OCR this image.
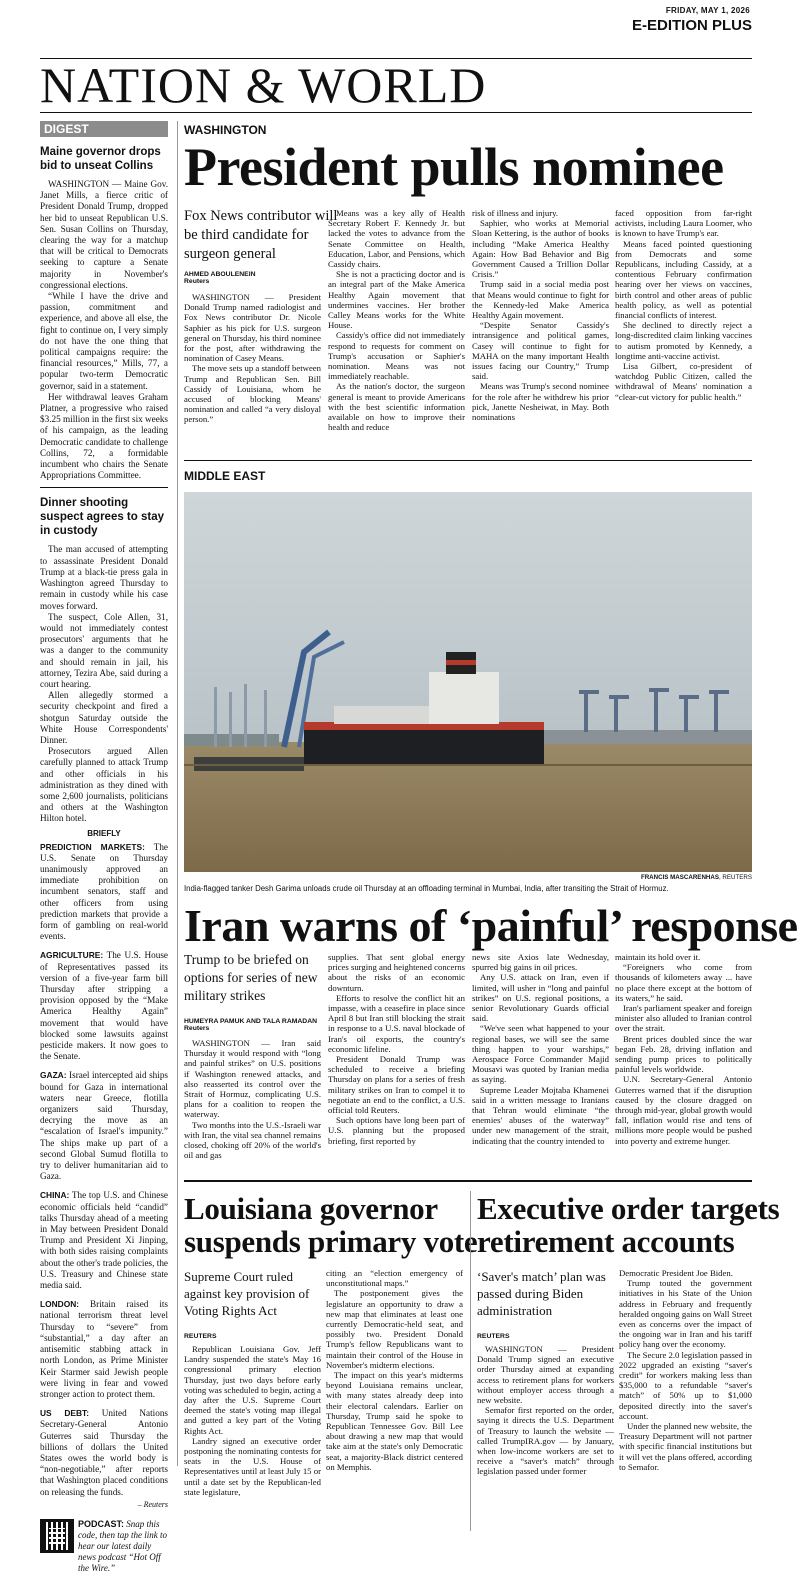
FRIDAY, MAY 1, 2026
E-EDITION PLUS
NATION & WORLD
DIGEST
Maine governor drops bid to unseat Collins

WASHINGTON — Maine Gov. Janet Mills, a fierce critic of President Donald Trump, dropped her bid to unseat Republican U.S. Sen. Susan Collins on Thursday, clearing the way for a matchup that will be critical to Democrats seeking to capture a Senate majority in November's congressional elections.

“While I have the drive and passion, commitment and experience, and above all else, the fight to continue on, I very simply do not have the one thing that political campaigns require: the financial resources,” Mills, 77, a popular two-term Democratic governor, said in a statement.

Her withdrawal leaves Graham Platner, a progressive who raised $3.25 million in the first six weeks of his campaign, as the leading Democratic candidate to challenge Collins, 72, a formidable incumbent who chairs the Senate Appropriations Committee.

Dinner shooting suspect agrees to stay in custody

The man accused of attempting to assassinate President Donald Trump at a black-tie press gala in Washington agreed Thursday to remain in custody while his case moves forward.

The suspect, Cole Allen, 31, would not immediately contest prosecutors' arguments that he was a danger to the community and should remain in jail, his attorney, Tezira Abe, said during a court hearing.

Allen allegedly stormed a security checkpoint and fired a shotgun Saturday outside the White House Correspondents' Dinner.

Prosecutors argued Allen carefully planned to attack Trump and other officials in his administration as they dined with some 2,600 journalists, politicians and others at the Washington Hilton hotel.

BRIEFLY

PREDICTION MARKETS: The U.S. Senate on Thursday unanimously approved an immediate prohibition on incumbent senators, staff and other officers from using prediction markets that provide a form of gambling on real-world events.

AGRICULTURE: The U.S. House of Representatives passed its version of a five-year farm bill Thursday after stripping a provision opposed by the “Make America Healthy Again” movement that would have blocked some lawsuits against pesticide makers. It now goes to the Senate.

GAZA: Israel intercepted aid ships bound for Gaza in international waters near Greece, flotilla organizers said Thursday, decrying the move as an “escalation of Israel's impunity.” The ships make up part of a second Global Sumud flotilla to try to deliver humanitarian aid to Gaza.

CHINA: The top U.S. and Chinese economic officials held “candid” talks Thursday ahead of a meeting in May between President Donald Trump and President Xi Jinping, with both sides raising complaints about the other's trade policies, the U.S. Treasury and Chinese state media said.

LONDON: Britain raised its national terrorism threat level Thursday to “severe” from “substantial,” a day after an antisemitic stabbing attack in north London, as Prime Minister Keir Starmer said Jewish people were living in fear and vowed stronger action to protect them.

US DEBT: United Nations Secretary-General Antonio Guterres said Thursday the billions of dollars the United States owes the world body is “non-negotiable,” after reports that Washington placed conditions on releasing the funds.

– Reuters
PODCAST: Snap this code, then tap the link to hear our latest daily news podcast “Hot Off the Wire.”
WASHINGTON
President pulls nominee
Fox News contributor will be third candidate for surgeon general
AHMED ABOULENEIN
Reuters

WASHINGTON — President Donald Trump named radiologist and Fox News contributor Dr. Nicole Saphier as his pick for U.S. surgeon general on Thursday, his third nominee for the post, after withdrawing the nomination of Casey Means.

The move sets up a standoff between Trump and Republican Sen. Bill Cassidy of Louisiana, whom he accused of blocking Means' nomination and called “a very disloyal person.”

Means was a key ally of Health Secretary Robert F. Kennedy Jr. but lacked the votes to advance from the Senate Committee on Health, Education, Labor, and Pensions, which Cassidy chairs.

She is not a practicing doctor and is an integral part of the Make America Healthy Again movement that undermines vaccines. Her brother Calley Means works for the White House.

Cassidy's office did not immediately respond to requests for comment on Trump's accusation or Saphier's nomination. Means was not immediately reachable.

As the nation's doctor, the surgeon general is meant to provide Americans with the best scientific information available on how to improve their health and reduce

risk of illness and injury.

Saphier, who works at Memorial Sloan Kettering, is the author of books including “Make America Healthy Again: How Bad Behavior and Big Government Caused a Trillion Dollar Crisis.”

Trump said in a social media post that Means would continue to fight for the Kennedy-led Make America Healthy Again movement.

“Despite Senator Cassidy's intransigence and political games, Casey will continue to fight for MAHA on the many important Health issues facing our Country,” Trump said.

Means was Trump's second nominee for the role after he withdrew his prior pick, Janette Nesheiwat, in May. Both nominations

faced opposition from far-right activists, including Laura Loomer, who is known to have Trump's ear.

Means faced pointed questioning from Democrats and some Republicans, including Cassidy, at a contentious February confirmation hearing over her views on vaccines, birth control and other areas of public health policy, as well as potential financial conflicts of interest.

She declined to directly reject a long-discredited claim linking vaccines to autism promoted by Kennedy, a longtime anti-vaccine activist.

Lisa Gilbert, co-president of watchdog Public Citizen, called the withdrawal of Means' nomination a “clear-cut victory for public health.”

MIDDLE EAST
FRANCIS MASCARENHAS, REUTERS
India-flagged tanker Desh Garima unloads crude oil Thursday at an offloading terminal in Mumbai, India, after transiting the Strait of Hormuz.
Iran warns of ‘painful’ response
Trump to be briefed on options for series of new military strikes
HUMEYRA PAMUK AND TALA RAMADAN
Reuters

WASHINGTON — Iran said Thursday it would respond with “long and painful strikes” on U.S. positions if Washington renewed attacks, and also reasserted its control over the Strait of Hormuz, complicating U.S. plans for a coalition to reopen the waterway.

Two months into the U.S.-Israeli war with Iran, the vital sea channel remains closed, choking off 20% of the world's oil and gas

supplies. That sent global energy prices surging and heightened concerns about the risks of an economic downturn.

Efforts to resolve the conflict hit an impasse, with a ceasefire in place since April 8 but Iran still blocking the strait in response to a U.S. naval blockade of Iran's oil exports, the country's economic lifeline.

President Donald Trump was scheduled to receive a briefing Thursday on plans for a series of fresh military strikes on Iran to compel it to negotiate an end to the conflict, a U.S. official told Reuters.

Such options have long been part of U.S. planning but the proposed briefing, first reported by

news site Axios late Wednesday, spurred big gains in oil prices.

Any U.S. attack on Iran, even if limited, will usher in “long and painful strikes” on U.S. regional positions, a senior Revolutionary Guards official said.

“We've seen what happened to your regional bases, we will see the same thing happen to your warships,” Aerospace Force Commander Majid Mousavi was quoted by Iranian media as saying.

Supreme Leader Mojtaba Khamenei said in a written message to Iranians that Tehran would eliminate “the enemies' abuses of the waterway” under new management of the strait, indicating that the country intended to

maintain its hold over it.

“Foreigners who come from thousands of kilometers away ... have no place there except at the bottom of its waters,” he said.

Iran's parliament speaker and foreign minister also alluded to Iranian control over the strait.

Brent prices doubled since the war began Feb. 28, driving inflation and sending pump prices to politically painful levels worldwide.

U.N. Secretary-General Antonio Guterres warned that if the disruption caused by the closure dragged on through mid-year, global growth would fall, inflation would rise and tens of millions more people would be pushed into poverty and extreme hunger.

Louisiana governor
suspends primary vote
Supreme Court ruled against key provision of Voting Rights Act
REUTERS

Republican Louisiana Gov. Jeff Landry suspended the state's May 16 congressional primary election Thursday, just two days before early voting was scheduled to begin, acting a day after the U.S. Supreme Court deemed the state's voting map illegal and gutted a key part of the Voting Rights Act.

Landry signed an executive order postponing the nominating contests for seats in the U.S. House of Representatives until at least July 15 or until a date set by the Republican-led state legislature,

citing an “election emergency of unconstitutional maps.”

The postponement gives the legislature an opportunity to draw a new map that eliminates at least one currently Democratic-held seat, and possibly two. President Donald Trump's fellow Republicans want to maintain their control of the House in November's midterm elections.

The impact on this year's midterms beyond Louisiana remains unclear, with many states already deep into their electoral calendars. Earlier on Thursday, Trump said he spoke to Republican Tennessee Gov. Bill Lee about drawing a new map that would take aim at the state's only Democratic seat, a majority-Black district centered on Memphis.

Executive order targets
retirement accounts
‘Saver's match’ plan was passed during Biden administration
REUTERS

WASHINGTON — President Donald Trump signed an executive order Thursday aimed at expanding access to retirement plans for workers without employer access through a new website.

Semafor first reported on the order, saying it directs the U.S. Department of Treasury to launch the website — called TrumpIRA.gov — by January, when low-income workers are set to receive a “saver's match” through legislation passed under former

Democratic President Joe Biden.

Trump touted the government initiatives in his State of the Union address in February and frequently heralded ongoing gains on Wall Street even as concerns over the impact of the ongoing war in Iran and his tariff policy hang over the economy.

The Secure 2.0 legislation passed in 2022 upgraded an existing “saver's credit” for workers making less than $35,000 to a refundable “saver's match” of 50% up to $1,000 deposited directly into the saver's account.

Under the planned new website, the Treasury Department will not partner with specific financial institutions but it will vet the plans offered, according to Semafor.
